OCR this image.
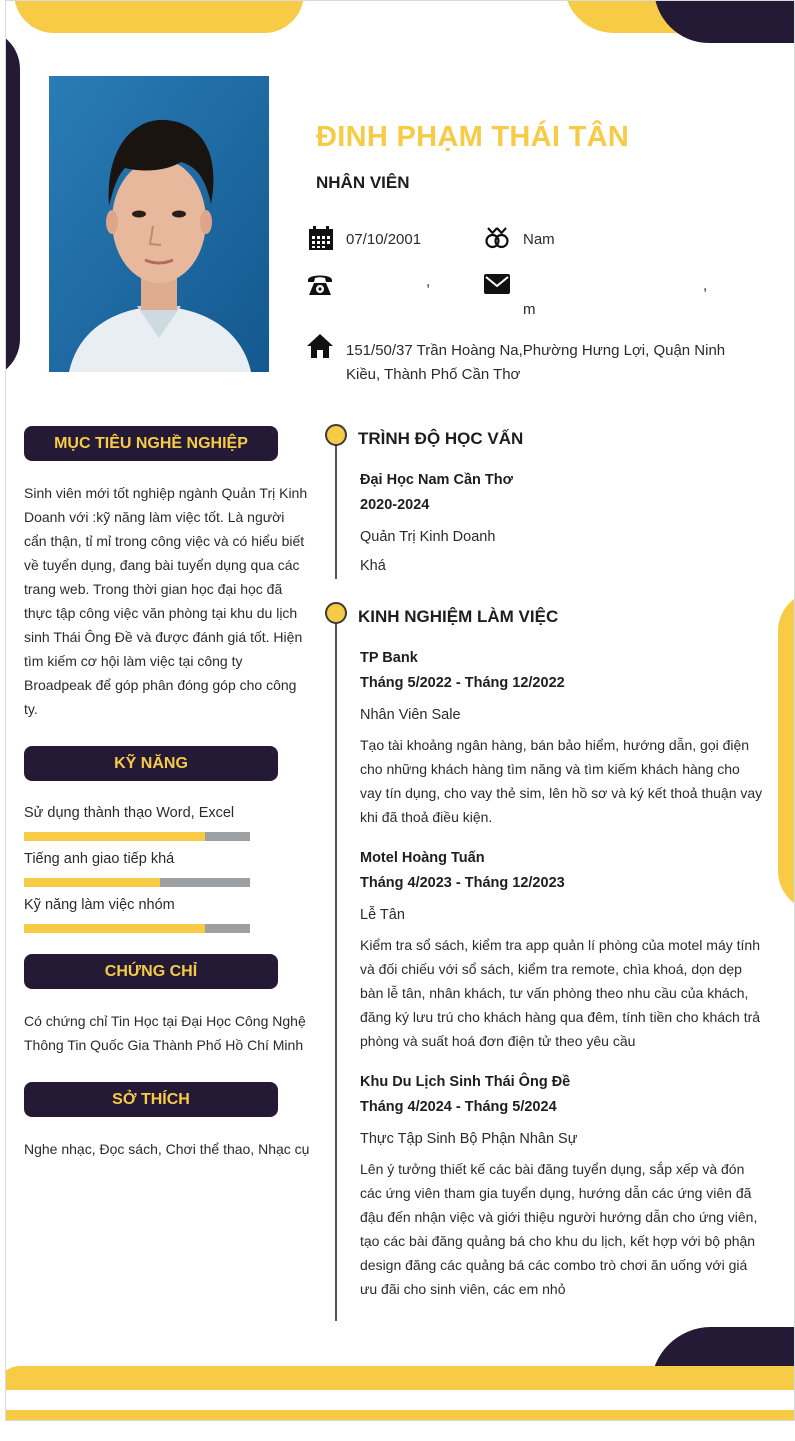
ĐINH PHẠM THÁI TÂN
NHÂN VIÊN
07/10/2001	Nam
,	,
m
151/50/37 Trần Hoàng Na,Phường Hưng Lợi, Quận Ninh Kiều, Thành Phố Cần Thơ
MỤC TIÊU NGHỀ NGHIỆP
Sinh viên mới tốt nghiệp ngành Quản Trị Kinh Doanh với :kỹ năng làm việc tốt. Là người cẩn thận, tỉ mỉ trong công việc và có hiểu biết về tuyển dụng, đang bài tuyển dụng qua các trang web. Trong thời gian học đại học đã thực tập công việc văn phòng tại khu du lịch sinh Thái Ông Đề và được đánh giá tốt. Hiện tìm kiếm cơ hội làm việc tại công ty Broadpeak để góp phân đóng góp cho công ty.
KỸ NĂNG
CHỨNG CHỈ
Có chứng chỉ Tin Học tại Đại Học Công Nghệ Thông Tin Quốc Gia Thành Phố Hồ Chí Minh
SỞ THÍCH
Nghe nhạc, Đọc sách, Chơi thể thao, Nhạc cụ
TRÌNH ĐỘ HỌC VẤN
Đại Học Nam Cần Thơ
2020-2024
Quản Trị Kinh Doanh
Khá
KINH NGHIỆM LÀM VIỆC
TP Bank
Tháng 5/2022 - Tháng 12/2022
Nhân Viên Sale
Tạo tài khoảng ngân hàng, bán bảo hiểm, hướng dẫn, gọi điện cho những khách hàng tìm năng và tìm kiếm khách hàng cho vay tín dụng, cho vay thẻ sim, lên hồ sơ và ký kết thoả thuận vay khi đã thoả điều kiện.
Motel Hoàng Tuấn
Tháng 4/2023 - Tháng 12/2023
Lễ Tân
Kiểm tra sổ sách, kiểm tra app quản lí phòng của motel máy tính và đối chiếu với sổ sách, kiểm tra remote, chìa khoá, dọn dẹp bàn lễ tân, nhân khách, tư vấn phòng theo nhu cầu của khách, đăng ký lưu trú cho khách hàng qua đêm, tính tiền cho khách trả phòng và suất hoá đơn điện tử theo yêu cầu
Khu Du Lịch Sinh Thái Ông Đề
Tháng 4/2024 - Tháng 5/2024
Thực Tập Sinh Bộ Phận Nhân Sự
Lên ý tưởng thiết kế các bài đăng tuyển dụng, sắp xếp và đón các ứng viên tham gia tuyển dụng, hướng dẫn các ứng viên đã đậu đến nhận việc và giới thiệu người hướng dẫn cho ứng viên, tạo các bài đăng quảng bá cho khu du lịch, kết hợp với bộ phận design đăng các quảng bá các combo trò chơi ăn uống với giá ưu đãi cho sinh viên, các em nhỏ
Sử dụng thành thạo Word, Excel
Tiếng anh giao tiếp khá
Kỹ năng làm việc nhóm
